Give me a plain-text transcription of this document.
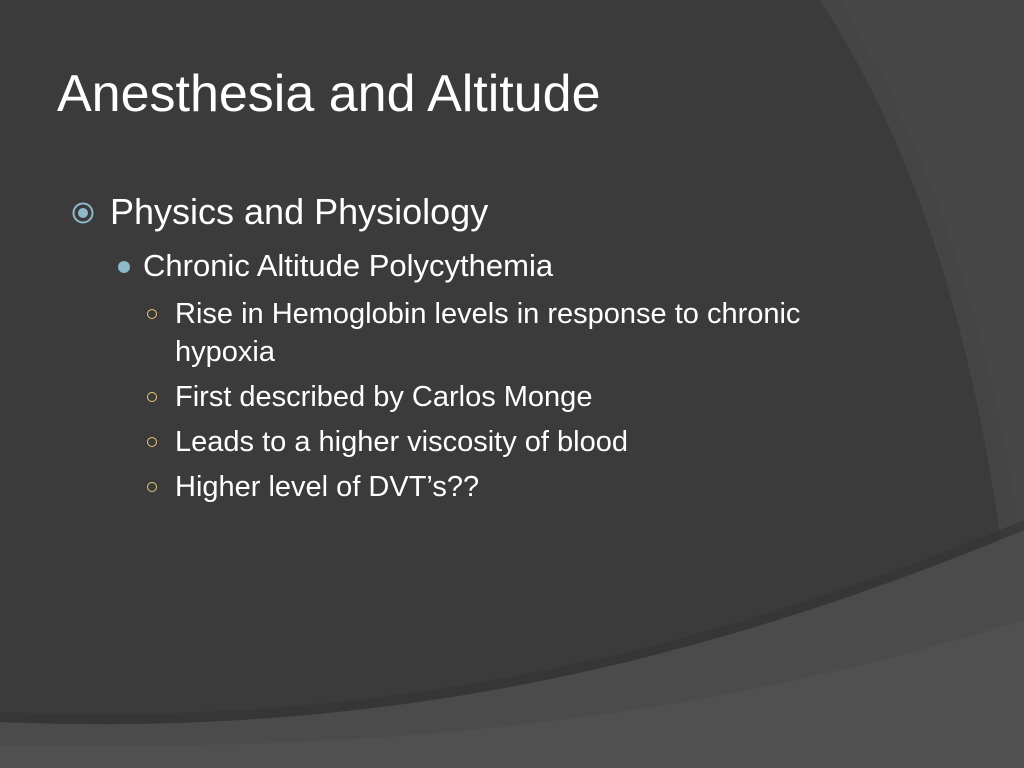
Anesthesia and Altitude
Physics and Physiology
Chronic Altitude Polycythemia
Rise in Hemoglobin levels in response to chronic hypoxia
First described by Carlos Monge
Leads to a higher viscosity of blood
Higher level of DVT’s??
